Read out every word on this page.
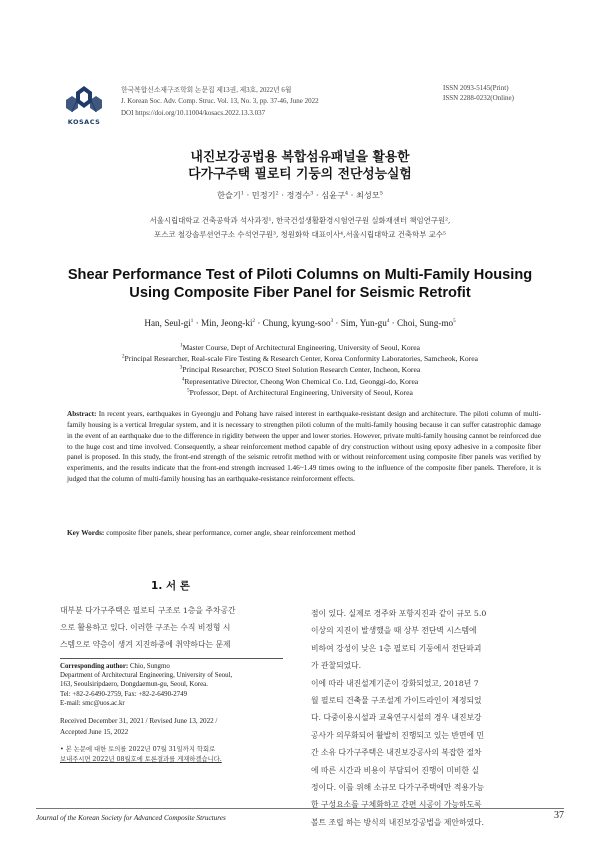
KOSACS
한국복합신소재구조학회 논문집 제13권, 제3호, 2022년 6월
J. Korean Soc. Adv. Comp. Struc. Vol. 13, No. 3, pp. 37-46, June 2022
DOI https://doi.org/10.11004/kosacs.2022.13.3.037
ISSN 2093-5145(Print)
ISSN 2288-0232(Online)
내진보강공법용 복합섬유패널을 활용한
다가구주택 필로티 기둥의 전단성능실험
한슬기$^1$ · 민정기$^2$ · 정경수$^3$ · 심윤구$^4$ · 최성모$^5$
서울시립대학교 건축공학과 석사과정¹, 한국건설생활환경시험연구원 실화재센터 책임연구원²,
포스코 철강솔루션연구소 수석연구원³, 청원화학 대표이사⁴,서울시립대학교 건축학부 교수⁵
Shear Performance Test of Piloti Columns on Multi-Family Housing
Using Composite Fiber Panel for Seismic Retrofit
Han, Seul-$gi^1$ · Min, Jeong-$ki^2$ · Chung, kyung-soo$^3$ · Sim, Yun-$gu^4$ · Choi, Sung-$mo^5$
$^1$Master Course, Dept of Architectural Engineering, University of Seoul, Korea
$^2$Principal Researcher, Real-scale Fire Testing & Research Center, Korea Conformity Laboratories, Samcheok, Korea
$^3$Principal Researcher, POSCO Steel Solution Research Center, Incheon, Korea
$^4$Representative Director, Cheong Won Chemical Co. Ltd, Geonggi-do, Korea
$^5$Professor, Dept. of Architectural Engineering, University of Seoul, Korea
Abstract: In recent years, earthquakes in Gyeongju and Pohang have raised interest in earthquake-resistant design and architecture. The piloti column of multi-family housing is a vertical Irregular system, and it is necessary to strengthen piloti column of the multi-family housing because it can suffer catastrophic damage in the event of an earthquake due to the difference in rigidity between the upper and lower stories. However, private multi-family housing cannot be reinforced due to the huge cost and time involved. Consequently, a shear reinforcement method capable of dry construction without using epoxy adhesive in a composite fiber panel is proposed. In this study, the front-end strength of the seismic retrofit method with or without reinforcement using composite fiber panels was verified by experiments, and the results indicate that the front-end strength increased 1.46~1.49 times owing to the influence of the composite fiber panels. Therefore, it is judged that the column of multi-family housing has an earthquake-resistance reinforcement effects.
Key Words: composite fiber panels, shear performance, corner angle, shear reinforcement method
1. 서 론
대부분 다가구주택은 필로티 구조로 1층을 주차공간
으로 활용하고 있다. 이러한 구조는 수직 비정형 시
스템으로 약층이 생겨 지진하중에 취약하다는 문제
점이 있다. 실제로 경주와 포항지진과 같이 규모 5.0
이상의 지진이 발생했을 때 상부 전단벽 시스템에
비하여 강성이 낮은 1층 필로티 기둥에서 전단파괴
가 관찰되었다.
이에 따라 내진설계기준이 강화되었고, 2018년 7
월 필로티 건축물 구조설계 가이드라인이 제정되었
다. 다중이용시설과 교육연구시설의 경우 내진보강
공사가 의무화되어 활발히 진행되고 있는 반면에 민
간 소유 다가구주택은 내진보강공사의 복잡한 절차
에 따른 시간과 비용이 부담되어 진행이 미비한 실
정이다. 이를 위해 소규모 다가구주택에만 적용가능
한 구성요소를 구체화하고 간편 시공이 가능하도록
볼트 조립 하는 방식의 내진보강공법을 제안하였다.
Corresponding author: Chio, Sungmo
Department of Architectural Engineering, University of Seoul,
163, Seoulsiripdaero, Dongdaemun-gu, Seoul, Korea.
Tel: +82-2-6490-2759, Fax: +82-2-6490-2749
E-mail: smc@uos.ac.kr
Received December 31, 2021 / Revised June 13, 2022 /
Accepted June 15, 2022
• 본 논문에 대한 토의를 2022년 07월 31일까지 학회로
보내주시면 2022년 08월호에 토론결과를 게재하겠습니다.
Journal of the Korean Society for Advanced Composite Structures	37
